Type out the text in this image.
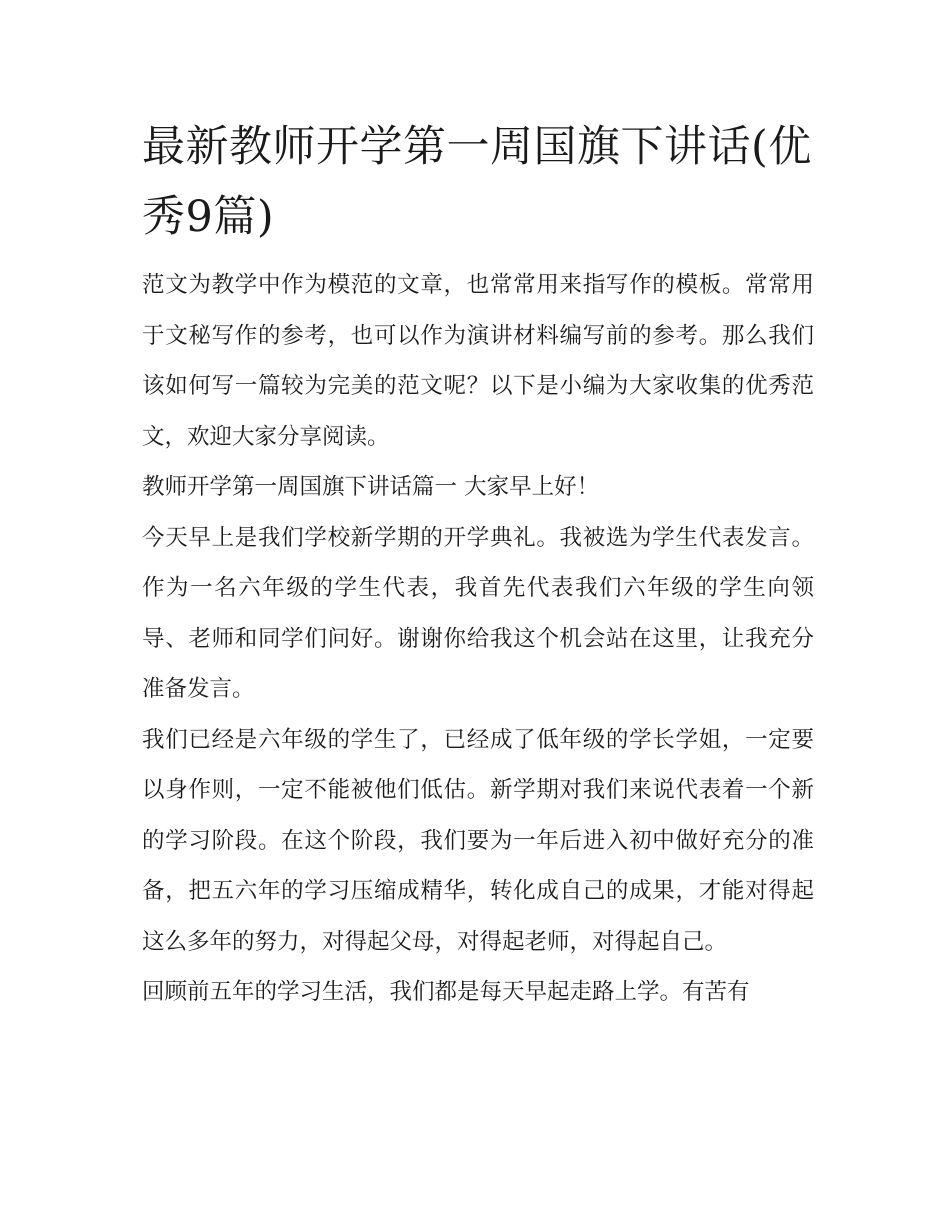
最新教师开学第一周国旗下讲话(优秀9篇)

范文为教学中作为模范的文章，也常常用来指写作的模板。常常用于文秘写作的参考，也可以作为演讲材料编写前的参考。那么我们该如何写一篇较为完美的范文呢？以下是小编为大家收集的优秀范文，欢迎大家分享阅读。

教师开学第一周国旗下讲话篇一 大家早上好！

今天早上是我们学校新学期的开学典礼。我被选为学生代表发言。作为一名六年级的学生代表，我首先代表我们六年级的学生向领导、老师和同学们问好。谢谢你给我这个机会站在这里，让我充分准备发言。

我们已经是六年级的学生了，已经成了低年级的学长学姐，一定要以身作则，一定不能被他们低估。新学期对我们来说代表着一个新的学习阶段。在这个阶段，我们要为一年后进入初中做好充分的准备，把五六年的学习压缩成精华，转化成自己的成果，才能对得起这么多年的努力，对得起父母，对得起老师，对得起自己。

回顾前五年的学习生活，我们都是每天早起走路上学。有苦有
